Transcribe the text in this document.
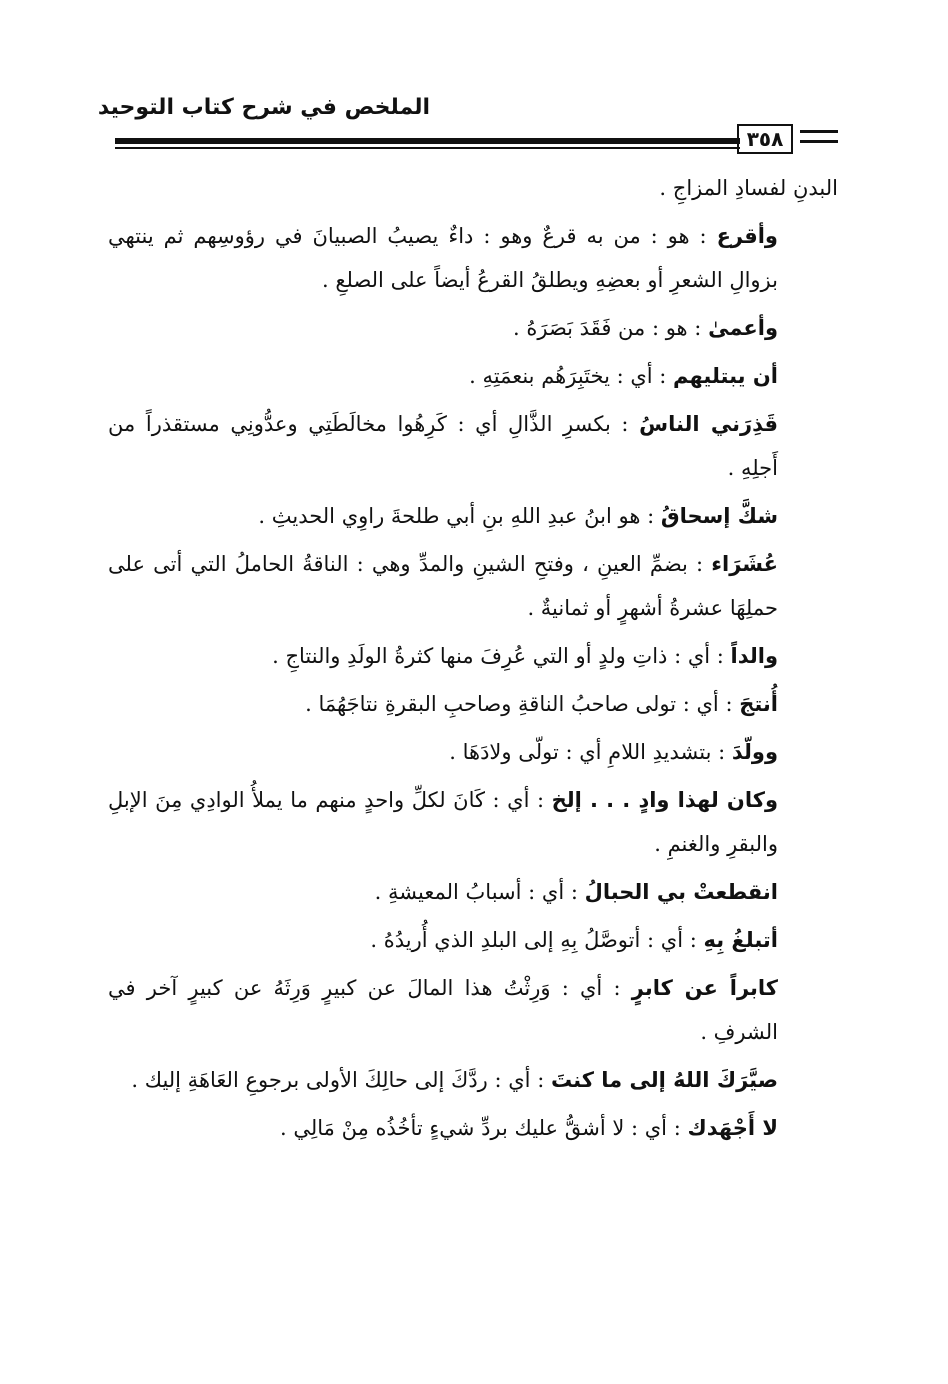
الملخص في شرح كتاب التوحيد
٣٥٨

البدنِ لفسادِ المزاجِ .

وأقرع : هو : من به قرعٌ وهو : داءٌ يصيبُ الصبيانَ في رؤوسِهم ثم ينتهي بزوالِ الشعرِ أو بعضِهِ ويطلقُ القرعُ أيضاً على الصلعِ .

وأعمىٰ : هو : من فَقَدَ بَصَرَهُ .

أن يبتليهم : أي : يختَبِرَهُم بنعمَتِهِ .

قَذِرَني الناسُ : بكسرِ الذَّالِ أي : كَرِهُوا مخالَطَتِي وعدُّونِي مستقذراً من أَجلِهِ .

شكَّ إسحاقُ : هو ابنُ عبدِ اللهِ بنِ أبي طلحةَ راوِي الحديثِ .

عُشَرَاء : بضمِّ العينِ ، وفتحِ الشينِ والمدِّ وهي : الناقةُ الحاملُ التي أتى على حملِهَا عشرةُ أشهرٍ أو ثمانيةٌ .

والداً : أي : ذاتِ ولدٍ أو التي عُرِفَ منها كثرةُ الولَدِ والنتاجِ .

أُنتجَ : أي : تولى صاحبُ الناقةِ وصاحبِ البقرةِ نتاجَهُمَا .

وولّدَ : بتشديدِ اللامِ أي : تولّى ولادَهَا .

وكان لهذا وادٍ . . . إلخ : أي : كَانَ لكلِّ واحدٍ منهم ما يملأُ الوادِي مِنَ الإبلِ والبقرِ والغنمِ .

انقطعتْ بي الحبالُ : أي : أسبابُ المعيشةِ .

أتبلغُ بِهِ : أي : أتوصَّلُ بِهِ إلى البلدِ الذي أُريدُهُ .

كابراً عن كابرٍ : أي : وَرِثْتُ هذا المالَ عن كبيرٍ وَرِثَهُ عن كبيرٍ آخر في الشرفِ .

صيَّرَكَ اللهُ إلى ما كنتَ : أي : ردَّكَ إلى حالِكَ الأولى برجوعِ العَاهَةِ إليك .

لا أَجْهَدك : أي : لا أشقُّ عليك بردِّ شيءٍ تأخُذُه مِنْ مَالِي .
